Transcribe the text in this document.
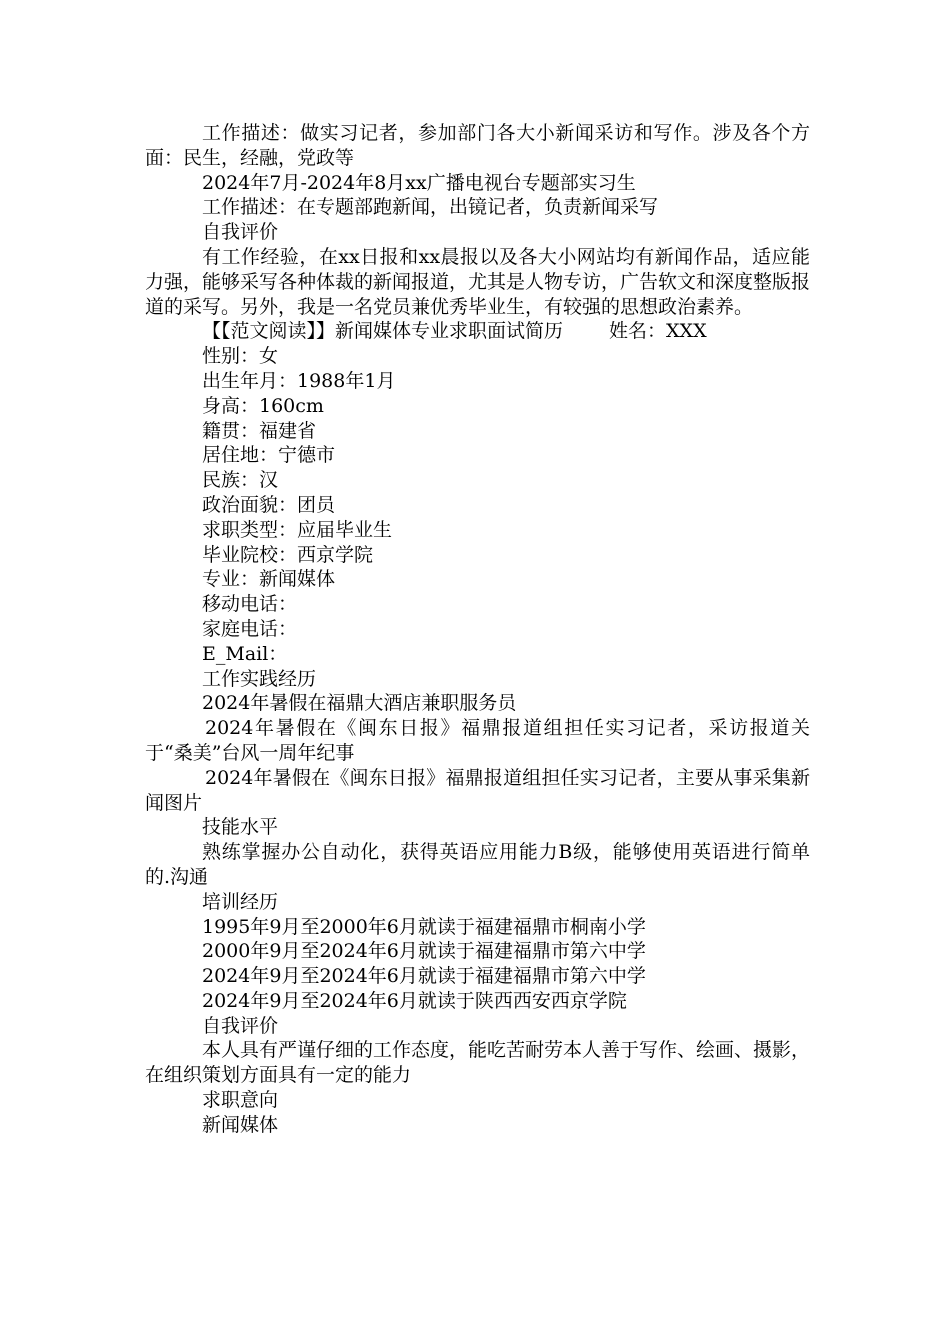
工作描述：做实习记者，参加部门各大小新闻采访和写作。涉及各个方面：民生，经融，党政等

2024年7月-2024年8月xx广播电视台专题部实习生

工作描述：在专题部跑新闻，出镜记者，负责新闻采写

自我评价

有工作经验，在xx日报和xx晨报以及各大小网站均有新闻作品，适应能力强，能够采写各种体裁的新闻报道，尤其是人物专访，广告软文和深度整版报道的采写。另外，我是一名党员兼优秀毕业生，有较强的思想政治素养。

【【范文阅读】】新闻媒体专业求职面试简历 姓名：XXX

性别：女

出生年月：1988年1月

身高：160cm

籍贯：福建省

居住地：宁德市

民族：汉

政治面貌：团员

求职类型：应届毕业生

毕业院校：西京学院

专业：新闻媒体

移动电话：

家庭电话：

E_Mail：

工作实践经历

2024年暑假在福鼎大酒店兼职服务员

2024年暑假在《闽东日报》福鼎报道组担任实习记者，采访报道关于“桑美”台风一周年纪事

2024年暑假在《闽东日报》福鼎报道组担任实习记者，主要从事采集新闻图片

技能水平

熟练掌握办公自动化，获得英语应用能力B级，能够使用英语进行简单的.沟通

培训经历

1995年9月至2000年6月就读于福建福鼎市桐南小学

2000年9月至2024年6月就读于福建福鼎市第六中学

2024年9月至2024年6月就读于福建福鼎市第六中学

2024年9月至2024年6月就读于陕西西安西京学院

自我评价

本人具有严谨仔细的工作态度，能吃苦耐劳本人善于写作、绘画、摄影，在组织策划方面具有一定的能力

求职意向

新闻媒体
